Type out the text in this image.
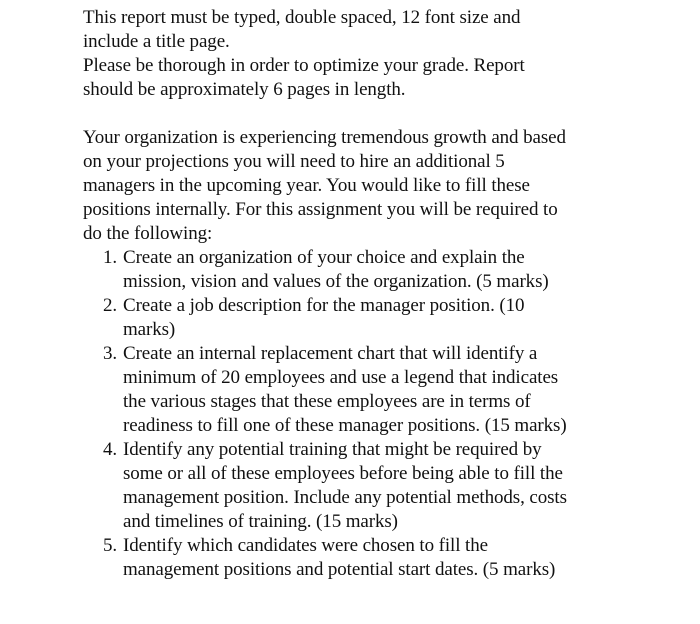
This report must be typed, double spaced, 12 font size and
include a title page.
Please be thorough in order to optimize your grade. Report
should be approximately 6 pages in length.
Your organization is experiencing tremendous growth and based
on your projections you will need to hire an additional 5
managers in the upcoming year. You would like to fill these
positions internally. For this assignment you will be required to
do the following:
1. Create an organization of your choice and explain the
mission, vision and values of the organization. (5 marks)
2. Create a job description for the manager position. (10
marks)
3. Create an internal replacement chart that will identify a
minimum of 20 employees and use a legend that indicates
the various stages that these employees are in terms of
readiness to fill one of these manager positions. (15 marks)
4. Identify any potential training that might be required by
some or all of these employees before being able to fill the
management position. Include any potential methods, costs
and timelines of training. (15 marks)
5. Identify which candidates were chosen to fill the
management positions and potential start dates. (5 marks)
